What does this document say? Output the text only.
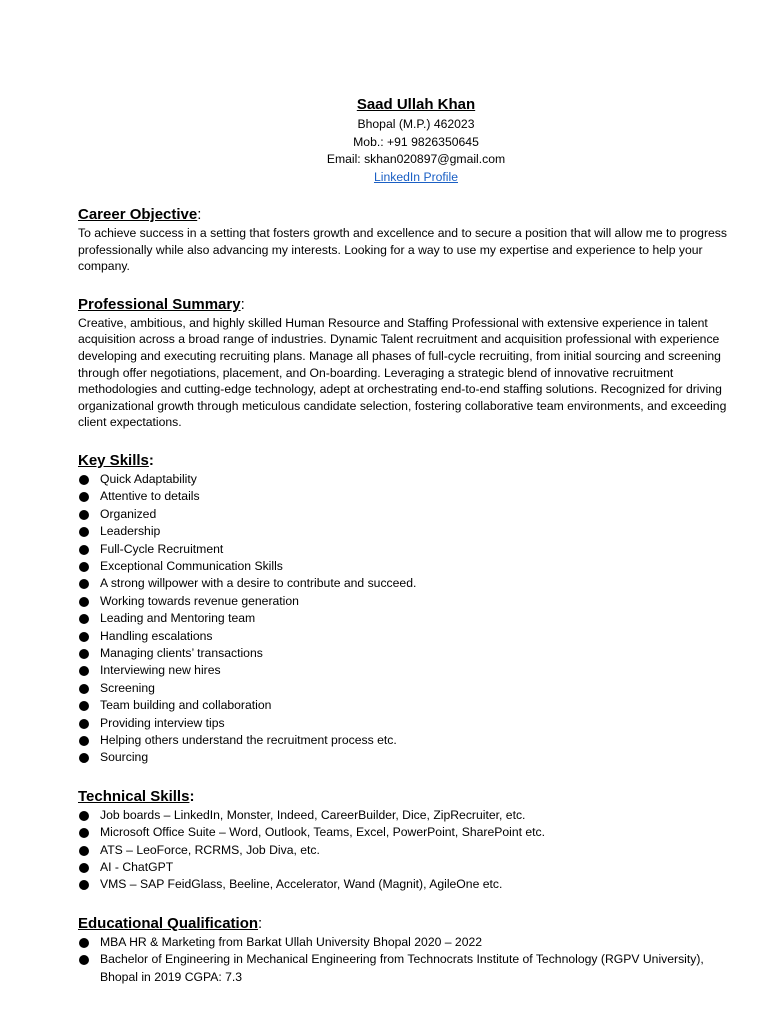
Saad Ullah Khan
Bhopal (M.P.) 462023
Mob.: +91 9826350645
Email: skhan020897@gmail.com
LinkedIn Profile
Career Objective:

To achieve success in a setting that fosters growth and excellence and to secure a position that will allow me to progress professionally while also advancing my interests. Looking for a way to use my expertise and experience to help your company.

Professional Summary:

Creative, ambitious, and highly skilled Human Resource and Staffing Professional with extensive experience in talent acquisition across a broad range of industries. Dynamic Talent recruitment and acquisition professional with experience developing and executing recruiting plans. Manage all phases of full-cycle recruiting, from initial sourcing and screening through offer negotiations, placement, and On-boarding. Leveraging a strategic blend of innovative recruitment methodologies and cutting-edge technology, adept at orchestrating end-to-end staffing solutions. Recognized for driving organizational growth through meticulous candidate selection, fostering collaborative team environments, and exceeding client expectations.

Key Skills:
Quick Adaptability
Attentive to details
Organized
Leadership
Full-Cycle Recruitment
Exceptional Communication Skills
A strong willpower with a desire to contribute and succeed.
Working towards revenue generation
Leading and Mentoring team
Handling escalations
Managing clients’ transactions
Interviewing new hires
Screening
Team building and collaboration
Providing interview tips
Helping others understand the recruitment process etc.
Sourcing
Technical Skills:
Job boards – LinkedIn, Monster, Indeed, CareerBuilder, Dice, ZipRecruiter, etc.
Microsoft Office Suite – Word, Outlook, Teams, Excel, PowerPoint, SharePoint etc.
ATS – LeoForce, RCRMS, Job Diva, etc.
AI - ChatGPT
VMS – SAP FeidGlass, Beeline, Accelerator, Wand (Magnit), AgileOne etc.
Educational Qualification:
MBA HR & Marketing from Barkat Ullah University Bhopal 2020 – 2022
Bachelor of Engineering in Mechanical Engineering from Technocrats Institute of Technology (RGPV University), Bhopal in 2019 CGPA: 7.3
